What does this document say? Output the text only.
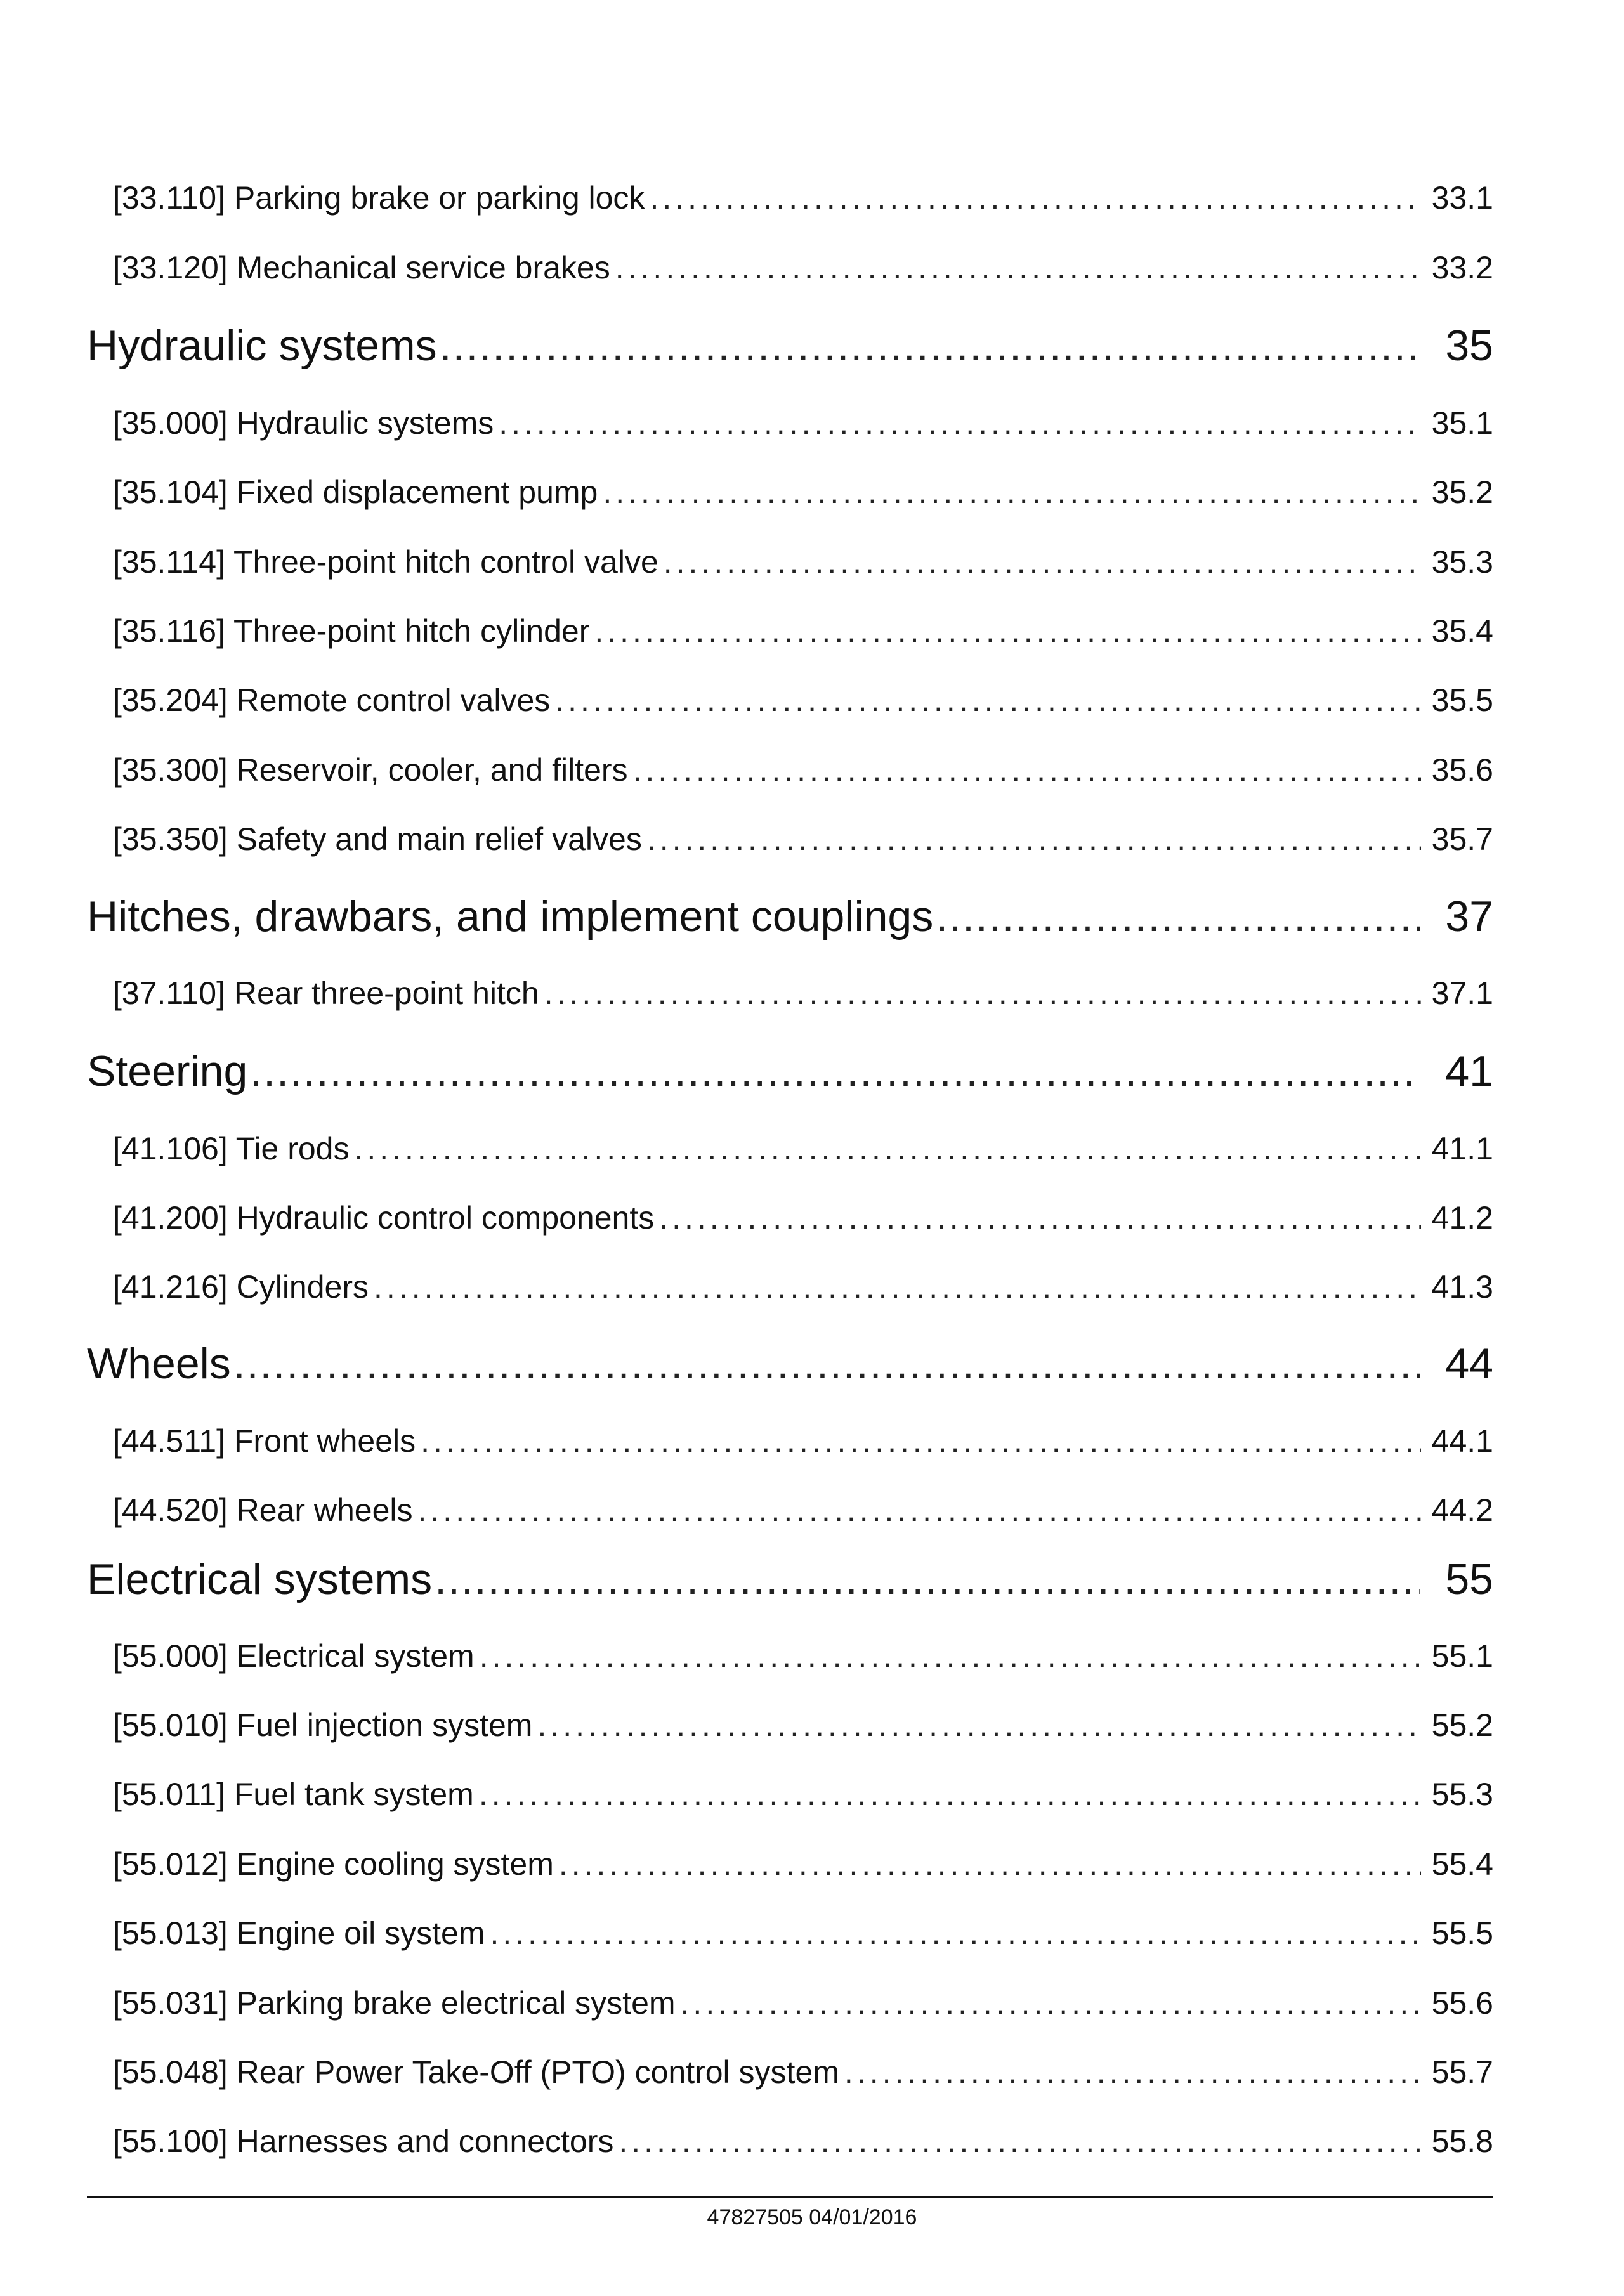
[33.110] Parking brake or parking lock .....	33.1
[33.120] Mechanical service brakes .....	33.2
Hydraulic systems .....	35
[35.000] Hydraulic systems .....	35.1
[35.104] Fixed displacement pump .....	35.2
[35.114] Three-point hitch control valve .....	35.3
[35.116] Three-point hitch cylinder .....	35.4
[35.204] Remote control valves .....	35.5
[35.300] Reservoir, cooler, and filters .....	35.6
[35.350] Safety and main relief valves .....	35.7
Hitches, drawbars, and implement couplings .....	37
[37.110] Rear three-point hitch .....	37.1
Steering .....	41
[41.106] Tie rods .....	41.1
[41.200] Hydraulic control components .....	41.2
[41.216] Cylinders .....	41.3
Wheels .....	44
[44.511] Front wheels .....	44.1
[44.520] Rear wheels .....	44.2
Electrical systems .....	55
[55.000] Electrical system .....	55.1
[55.010] Fuel injection system .....	55.2
[55.011] Fuel tank system .....	55.3
[55.012] Engine cooling system .....	55.4
[55.013] Engine oil system .....	55.5
[55.031] Parking brake electrical system .....	55.6
[55.048] Rear Power Take-Off (PTO) control system .....	55.7
[55.100] Harnesses and connectors .....	55.8
47827505 04/01/2016
